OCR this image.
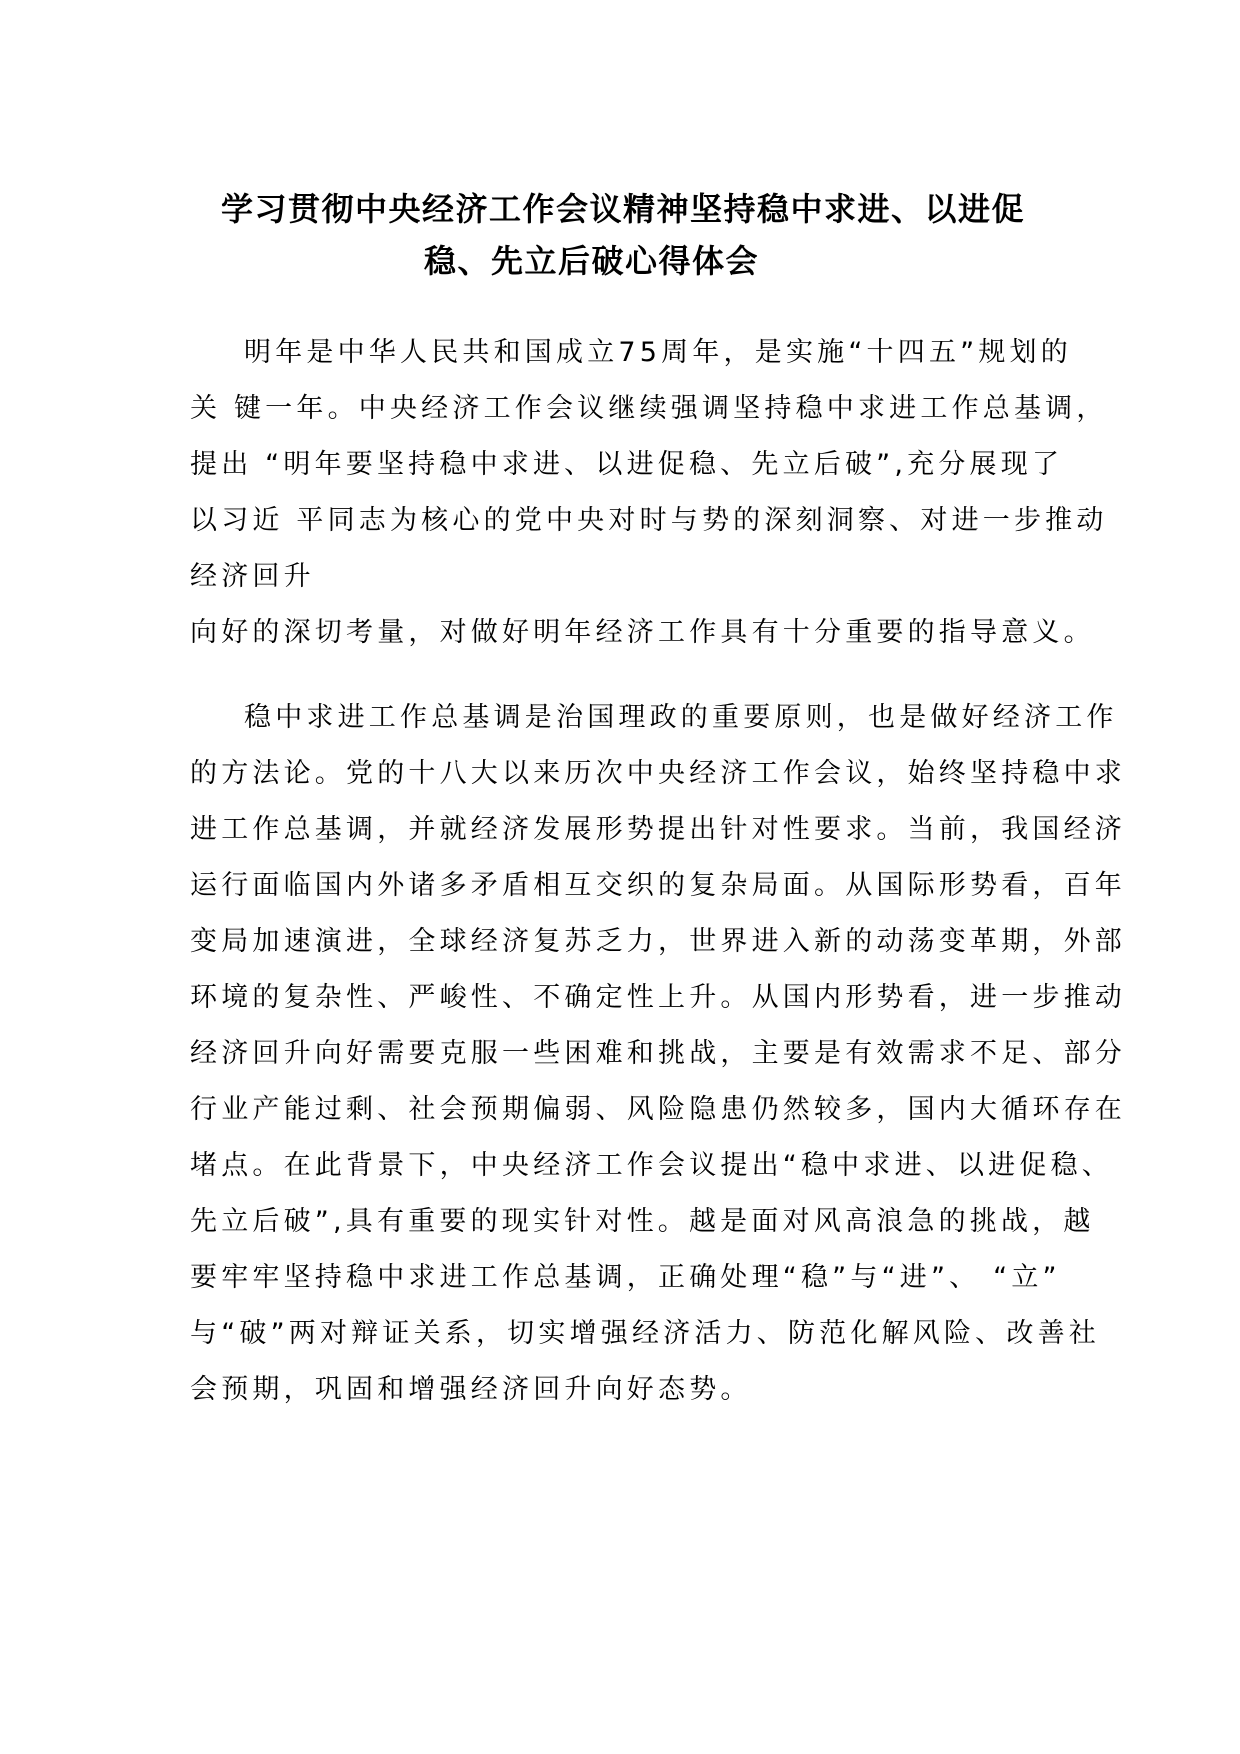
学习贯彻中央经济工作会议精神坚持稳中求进、以进促
稳、先立后破心得体会
明年是中华人民共和国成立75周年，是实施“十四五”规划的
关 键一年。中央经济工作会议继续强调坚持稳中求进工作总基调，
提出 “明年要坚持稳中求进、以进促稳、先立后破”,充分展现了
以习近 平同志为核心的党中央对时与势的深刻洞察、对进一步推动
经济回升
向好的深切考量，对做好明年经济工作具有十分重要的指导意义。
稳中求进工作总基调是治国理政的重要原则，也是做好经济工作
的方法论。党的十八大以来历次中央经济工作会议，始终坚持稳中求
进工作总基调，并就经济发展形势提出针对性要求。当前，我国经济
运行面临国内外诸多矛盾相互交织的复杂局面。从国际形势看，百年
变局加速演进，全球经济复苏乏力，世界进入新的动荡变革期，外部
环境的复杂性、严峻性、不确定性上升。从国内形势看，进一步推动
经济回升向好需要克服一些困难和挑战，主要是有效需求不足、部分
行业产能过剩、社会预期偏弱、风险隐患仍然较多，国内大循环存在
堵点。在此背景下，中央经济工作会议提出“稳中求进、以进促稳、
先立后破”,具有重要的现实针对性。越是面对风高浪急的挑战，越
要牢牢坚持稳中求进工作总基调，正确处理“稳”与“进”、 “立”
与“破”两对辩证关系，切实增强经济活力、防范化解风险、改善社
会预期，巩固和增强经济回升向好态势。
